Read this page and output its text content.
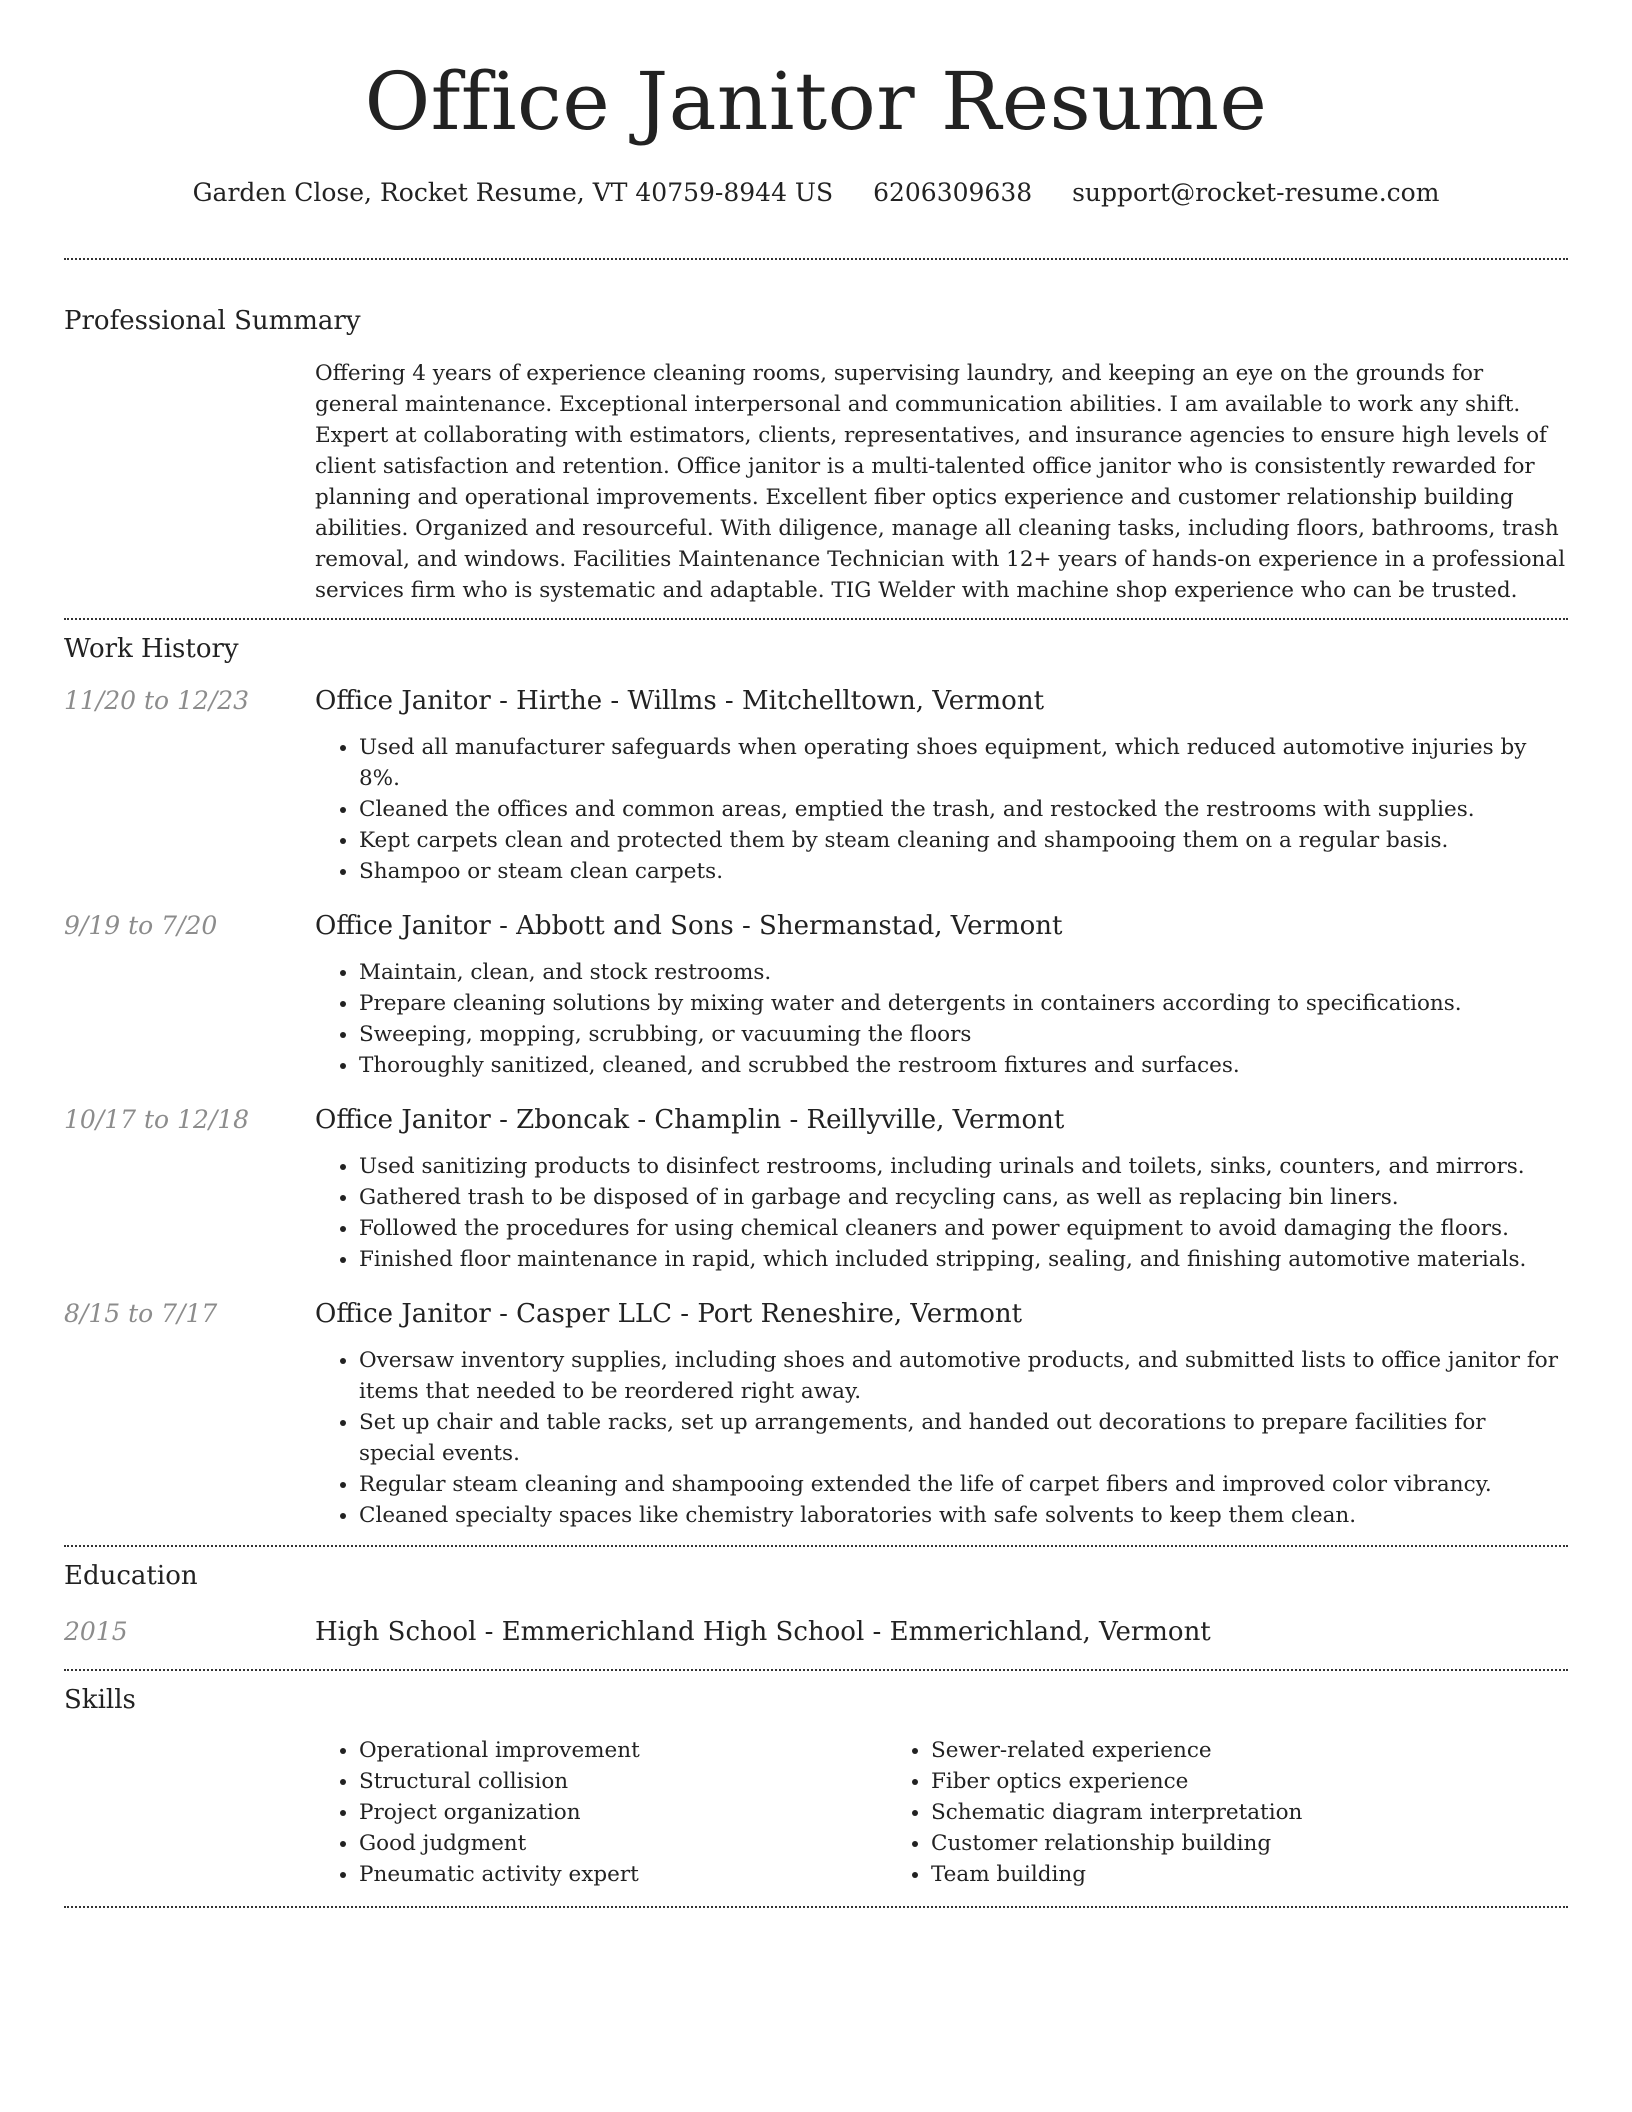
Office Janitor Resume
Garden Close, Rocket Resume, VT 40759-8944 US 6206309638 support@rocket-resume.com
Professional Summary
Offering 4 years of experience cleaning rooms, supervising laundry, and keeping an eye on the grounds for general maintenance. Exceptional interpersonal and communication abilities. I am available to work any shift. Expert at collaborating with estimators, clients, representatives, and insurance agencies to ensure high levels of client satisfaction and retention. Office janitor is a multi-talented office janitor who is consistently rewarded for planning and operational improvements. Excellent fiber optics experience and customer relationship building abilities. Organized and resourceful. With diligence, manage all cleaning tasks, including floors, bathrooms, trash removal, and windows. Facilities Maintenance Technician with 12+ years of hands-on experience in a professional services firm who is systematic and adaptable. TIG Welder with machine shop experience who can be trusted.
Work History
11/20 to 12/23	Office Janitor - Hirthe - Willms - Mitchelltown, Vermont
• Used all manufacturer safeguards when operating shoes equipment, which reduced automotive injuries by 8%.
• Cleaned the offices and common areas, emptied the trash, and restocked the restrooms with supplies.
• Kept carpets clean and protected them by steam cleaning and shampooing them on a regular basis.
• Shampoo or steam clean carpets.
9/19 to 7/20	Office Janitor - Abbott and Sons - Shermanstad, Vermont
• Maintain, clean, and stock restrooms.
• Prepare cleaning solutions by mixing water and detergents in containers according to specifications.
• Sweeping, mopping, scrubbing, or vacuuming the floors
• Thoroughly sanitized, cleaned, and scrubbed the restroom fixtures and surfaces.
10/17 to 12/18	Office Janitor - Zboncak - Champlin - Reillyville, Vermont
• Used sanitizing products to disinfect restrooms, including urinals and toilets, sinks, counters, and mirrors.
• Gathered trash to be disposed of in garbage and recycling cans, as well as replacing bin liners.
• Followed the procedures for using chemical cleaners and power equipment to avoid damaging the floors.
• Finished floor maintenance in rapid, which included stripping, sealing, and finishing automotive materials.
8/15 to 7/17	Office Janitor - Casper LLC - Port Reneshire, Vermont
• Oversaw inventory supplies, including shoes and automotive products, and submitted lists to office janitor for items that needed to be reordered right away.
• Set up chair and table racks, set up arrangements, and handed out decorations to prepare facilities for special events.
• Regular steam cleaning and shampooing extended the life of carpet fibers and improved color vibrancy.
• Cleaned specialty spaces like chemistry laboratories with safe solvents to keep them clean.
Education
2015	High School - Emmerichland High School - Emmerichland, Vermont
Skills
• Operational improvement
• Structural collision
• Project organization
• Good judgment
• Pneumatic activity expert
• Sewer-related experience
• Fiber optics experience
• Schematic diagram interpretation
• Customer relationship building
• Team building
